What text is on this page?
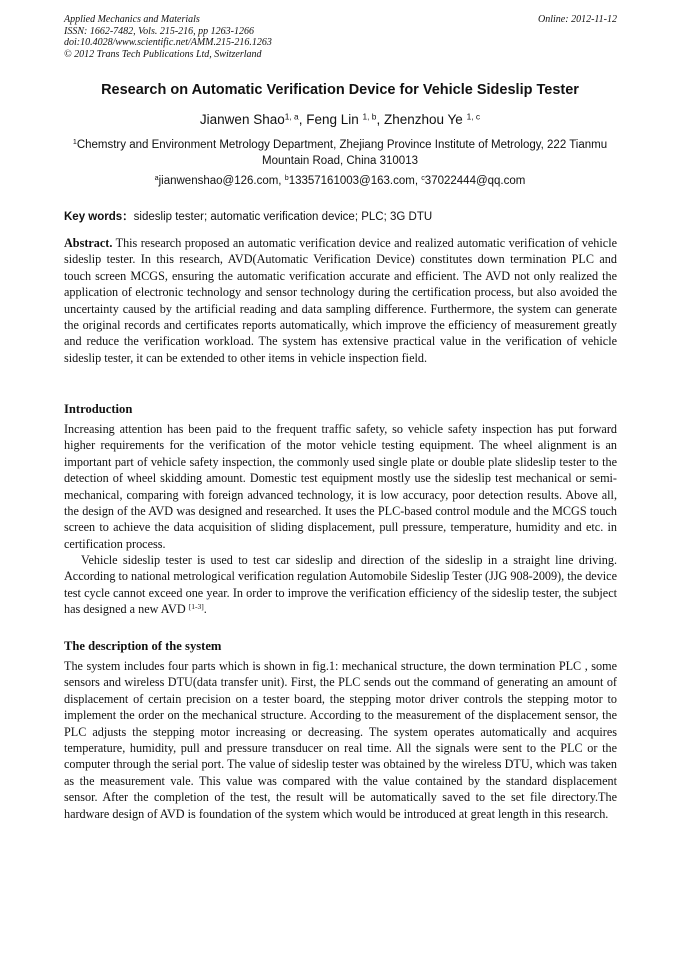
Applied Mechanics and Materials
ISSN: 1662-7482, Vols. 215-216, pp 1263-1266
doi:10.4028/www.scientific.net/AMM.215-216.1263
© 2012 Trans Tech Publications Ltd, Switzerland
Online: 2012-11-12
Research on Automatic Verification Device for Vehicle Sideslip Tester
Jianwen Shao$^{1, a}$, Feng Lin $^{1, b}$, Zhenzhou Ye $^{1, c}$
$^1$Chemstry and Environment Metrology Department, Zhejiang Province Institute of Metrology, 222 Tianmu Mountain Road, China 310013
$^a$jianwenshao@126.com, $^b$13357161003@163.com, $^c$37022444@qq.com
Key words：sideslip tester; automatic verification device; PLC; 3G DTU

Abstract. This research proposed an automatic verification device and realized automatic verification of vehicle sideslip tester. In this research, AVD(Automatic Verification Device) constitutes down termination PLC and touch screen MCGS, ensuring the automatic verification accurate and efficient. The AVD not only realized the application of electronic technology and sensor technology during the certification process, but also avoided the uncertainty caused by the artificial reading and data sampling difference. Furthermore, the system can generate the original records and certificates reports automatically, which improve the efficiency of measurement greatly and reduce the verification workload. The system has extensive practical value in the verification of vehicle sideslip tester, it can be extended to other items in vehicle inspection field.

Introduction

Increasing attention has been paid to the frequent traffic safety, so vehicle safety inspection has put forward higher requirements for the verification of the motor vehicle testing equipment. The wheel alignment is an important part of vehicle safety inspection, the commonly used single plate or double plate slideslip tester to the detection of wheel skidding amount. Domestic test equipment mostly use the sideslip test mechanical or semi-mechanical, comparing with foreign advanced technology, it is low accuracy, poor detection results. Above all, the design of the AVD was designed and researched. It uses the PLC-based control module and the MCGS touch screen to achieve the data acquisition of sliding displacement, pull pressure, temperature, humidity and etc. in certification process.

Vehicle sideslip tester is used to test car sideslip and direction of the sideslip in a straight line driving. According to national metrological verification regulation Automobile Sideslip Tester (JJG 908-2009), the device test cycle cannot exceed one year. In order to improve the verification efficiency of the sideslip tester, the subject has designed a new AVD [1-3].

The description of the system

The system includes four parts which is shown in fig.1: mechanical structure, the down termination PLC , some sensors and wireless DTU(data transfer unit). First, the PLC sends out the command of generating an amount of displacement of certain precision on a tester board, the stepping motor driver controls the stepping motor to implement the order on the mechanical structure. According to the measurement of the displacement sensor, the PLC adjusts the stepping motor increasing or decreasing. The system operates automatically and acquires temperature, humidity, pull and pressure transducer on real time. All the signals were sent to the PLC or the computer through the serial port. The value of sideslip tester was obtained by the wireless DTU, which was taken as the measurement vale. This value was compared with the value contained by the standard displacement sensor. After the completion of the test, the result will be automatically saved to the set file directory.The hardware design of AVD is foundation of the system which would be introduced at great length in this research.
